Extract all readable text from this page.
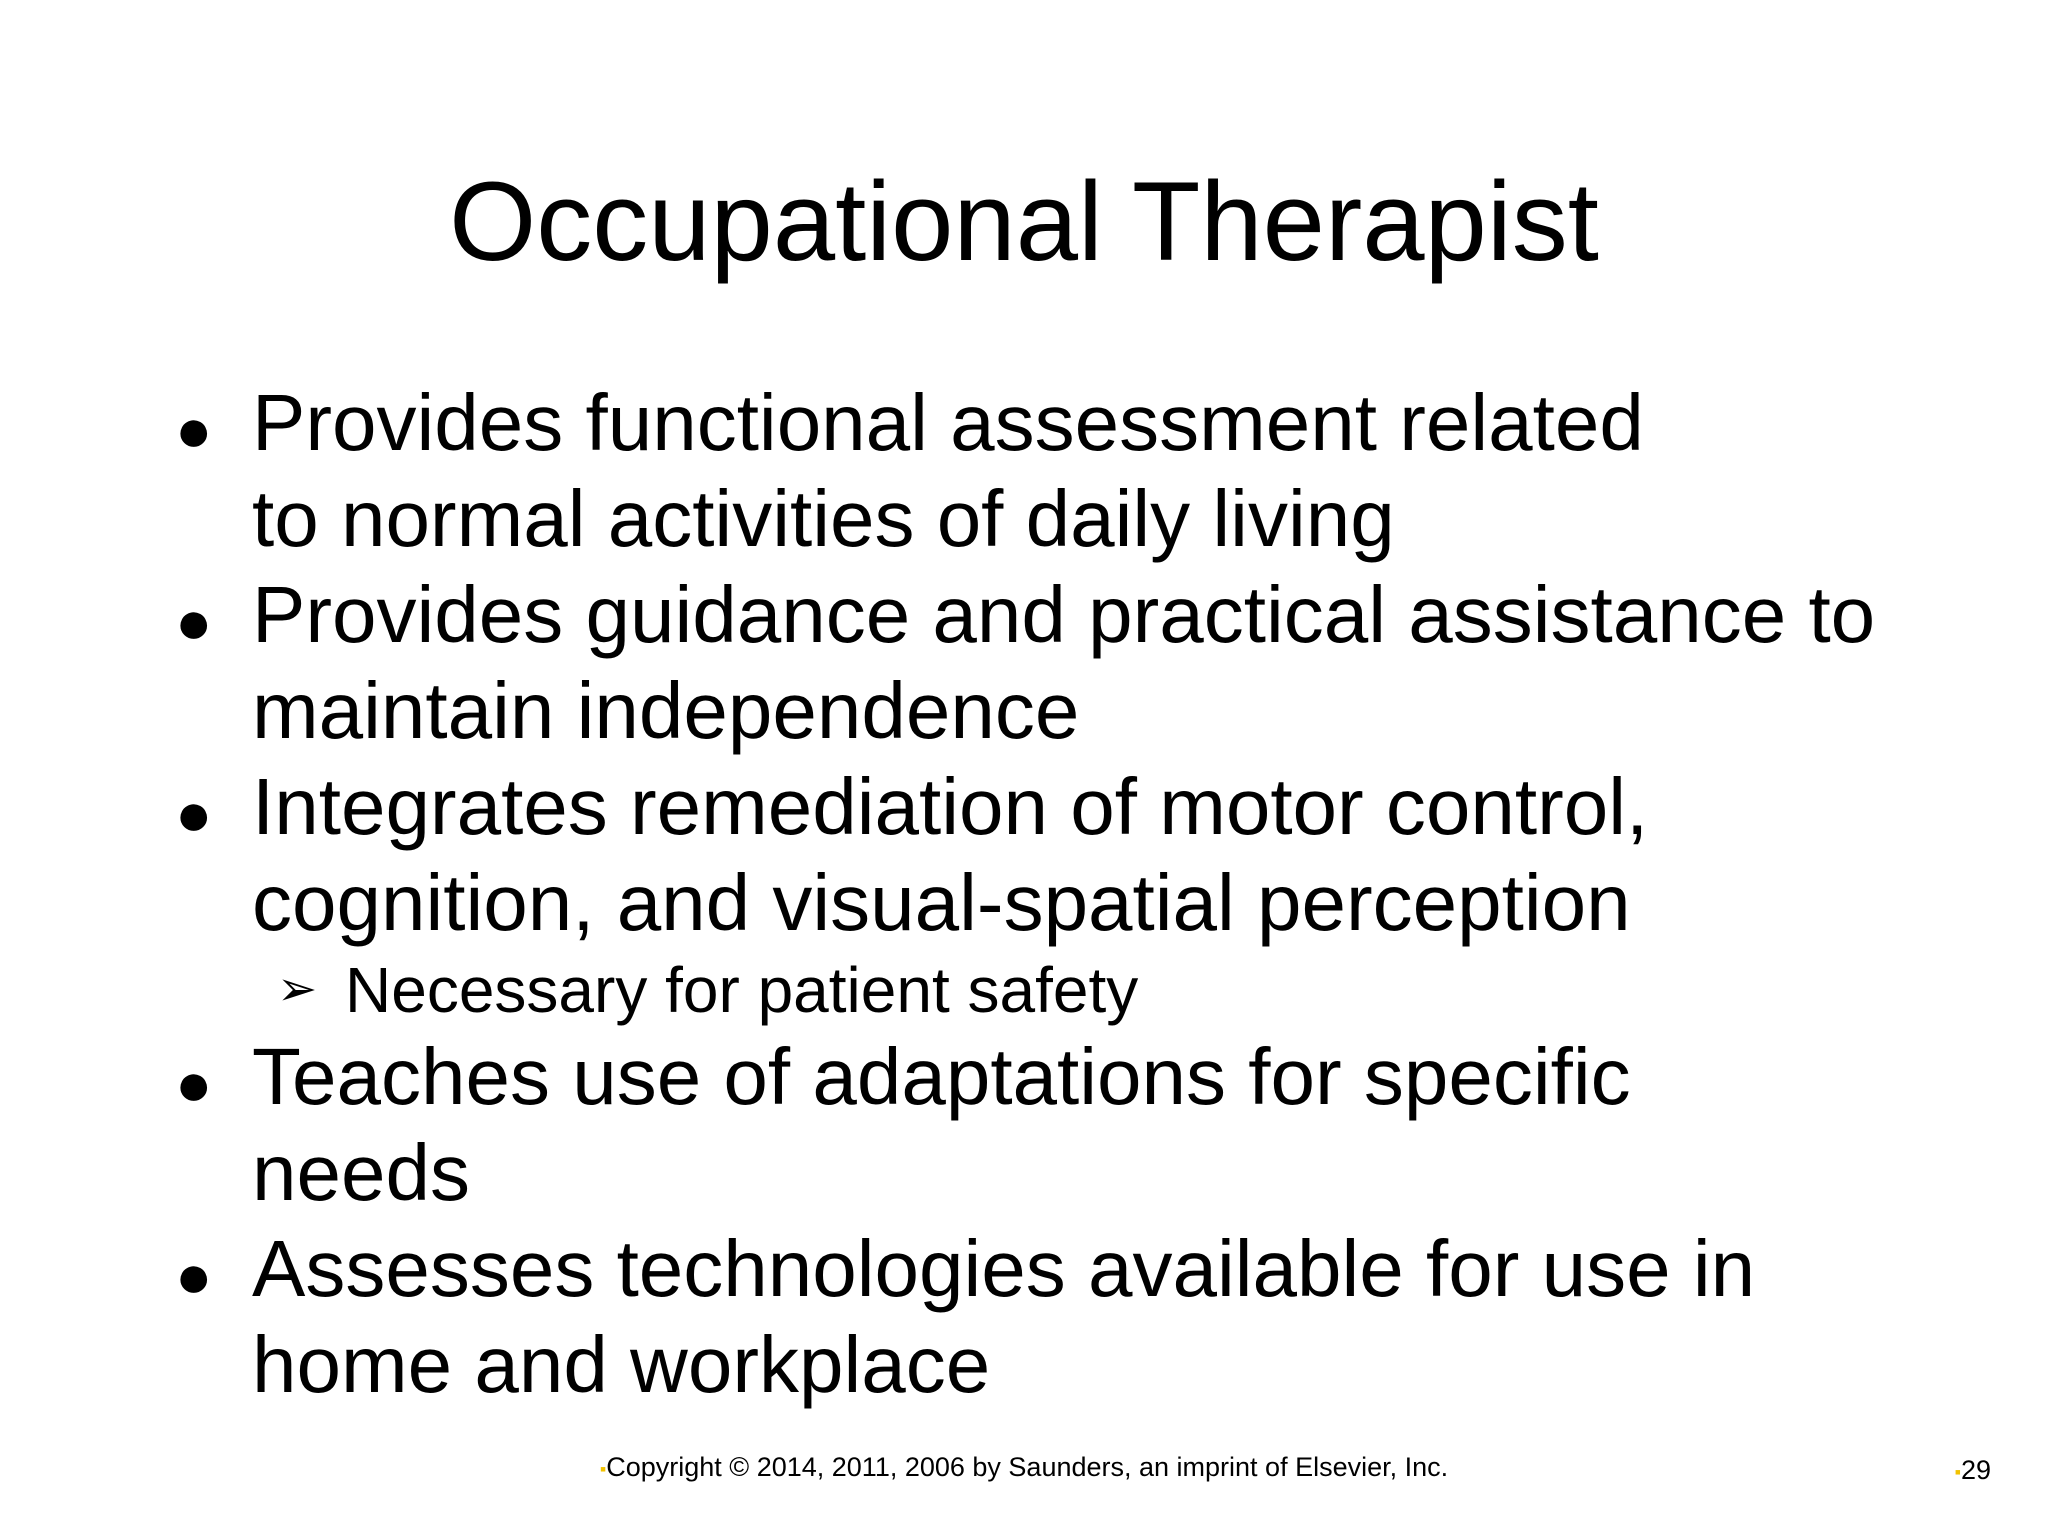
Occupational Therapist
● Provides functional assessment related to normal activities of daily living

● Provides guidance and practical assistance to maintain independence

● Integrates remediation of motor control, cognition, and visual-spatial perception

➢ Necessary for patient safety

● Teaches use of adaptations for specific needs

● Assesses technologies available for use in home and workplace

▪Copyright © 2014, 2011, 2006 by Saunders, an imprint of Elsevier, Inc.	▪29
